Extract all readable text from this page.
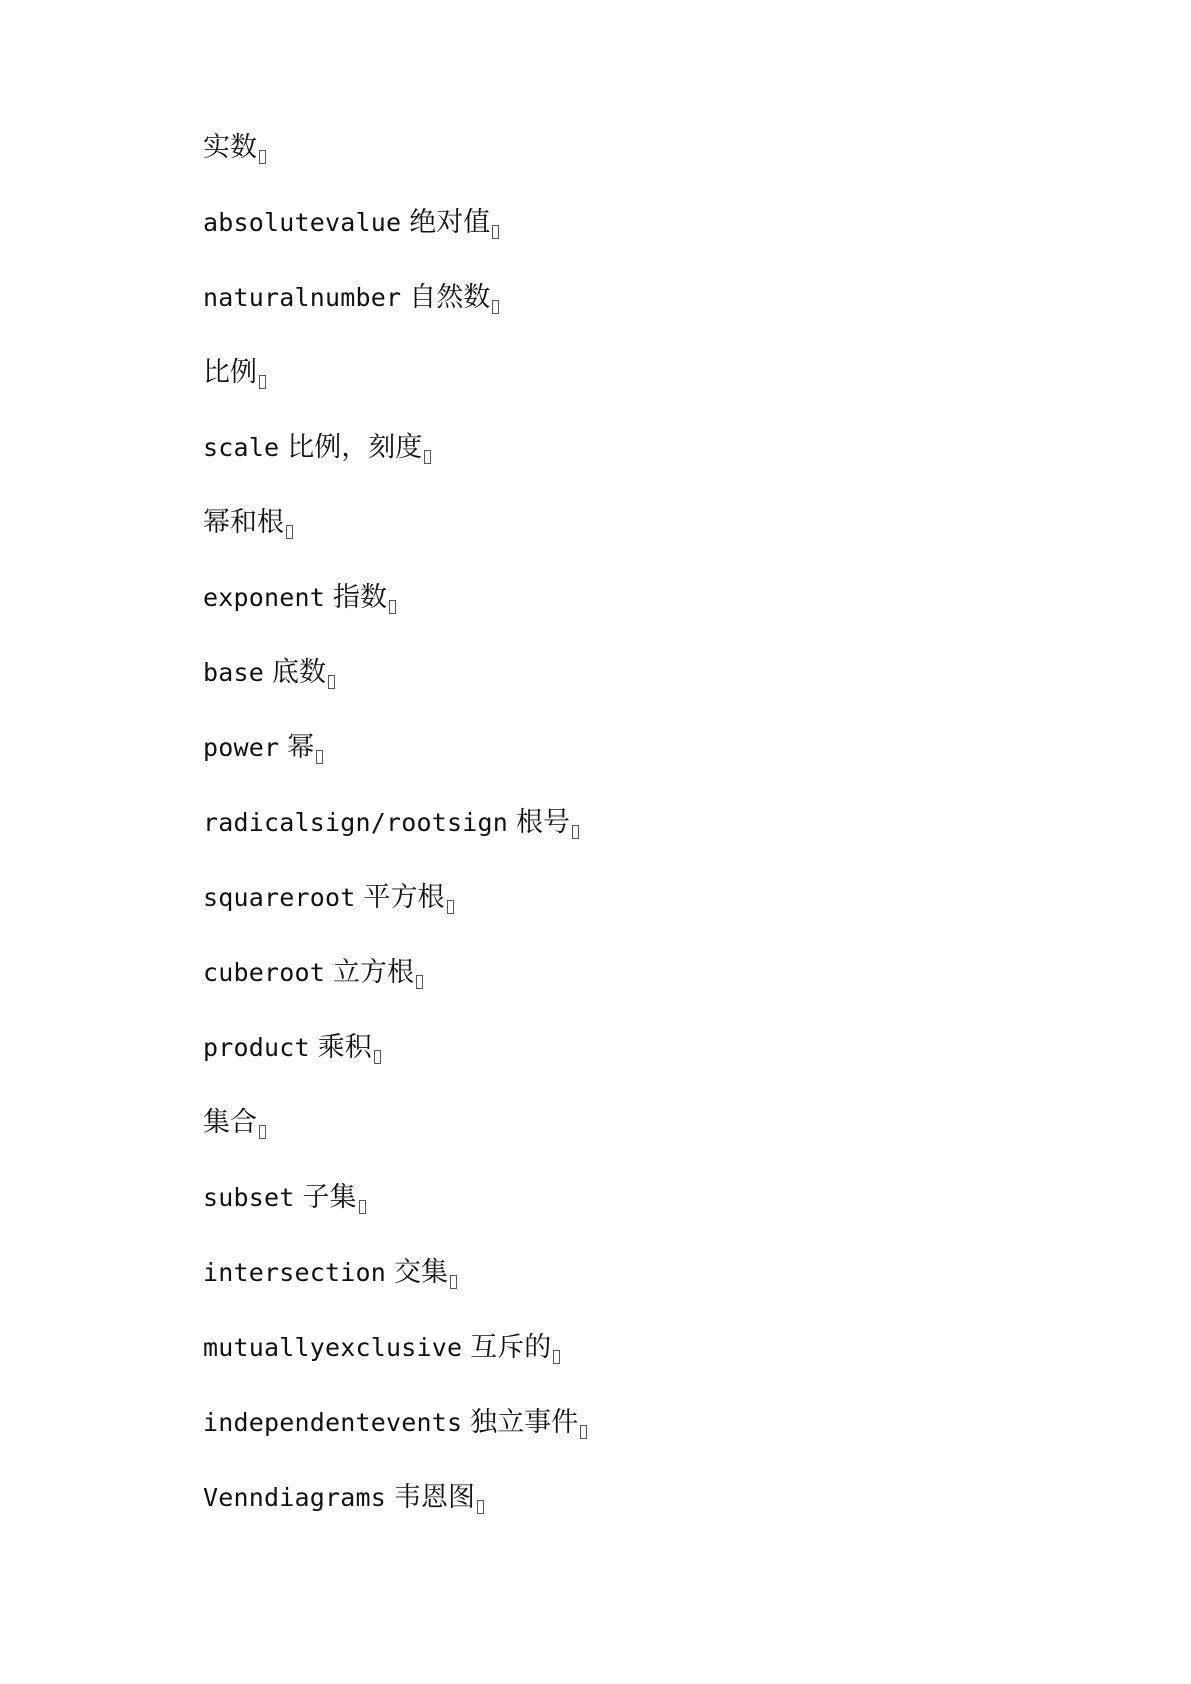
实数
absolutevalue 绝对值
naturalnumber 自然数
比例
scale 比例，刻度
幂和根
exponent 指数
base 底数
power 幂
radicalsign/rootsign 根号
squareroot 平方根
cuberoot 立方根
product 乘积
集合
subset 子集
intersection 交集
mutuallyexclusive 互斥的
independentevents 独立事件
Venndiagrams 韦恩图
